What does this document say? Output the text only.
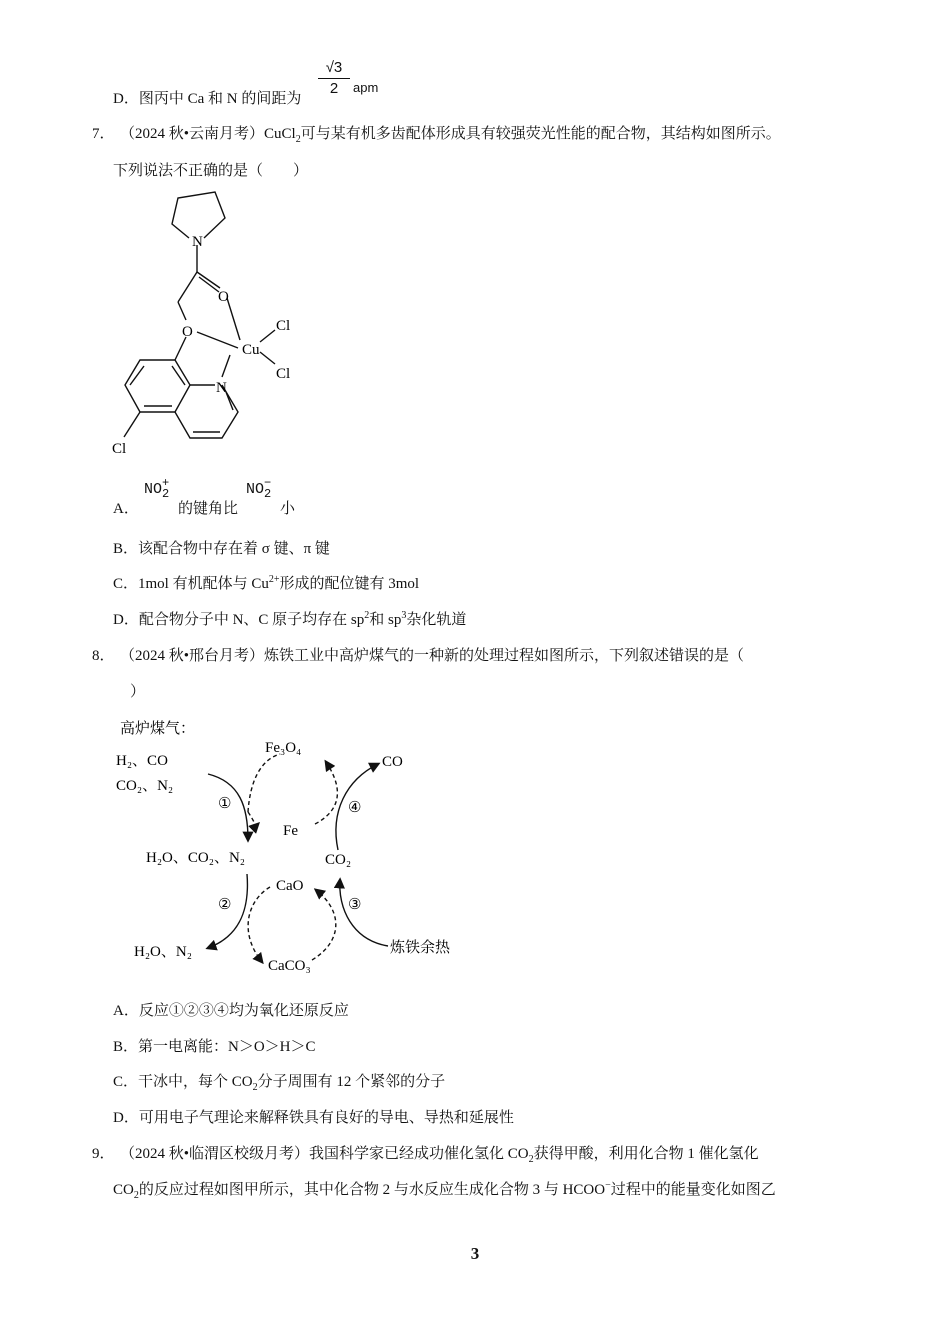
D．图丙中 Ca 和 N 的间距为 $\frac{√3}{2}$ apm
7． （2024 秋•云南月考）CuCl$_2$可与某有机多齿配体形成具有较强荧光性能的配合物，其结构如图所示。
下列说法不正确的是（　　）
N
O
O
Cu
Cl
Cl
N
Cl
A．
NO +
2
的键角比
NO −
2
小
B．该配合物中存在着 σ 键、π 键
C．1mol 有机配体与 $Cu^{2+}$形成的配位键有 3mol
D．配合物分子中 N、C 原子均存在 $sp^2$和 $sp^3$杂化轨道
8． （2024 秋•邢台月考）炼铁工业中高炉煤气的一种新的处理过程如图所示，下列叙述错误的是（
）
高炉煤气：
H₂、CO
CO₂、N₂
Fe₃O₄
CO
①	④
Fe
H₂O、CO₂、N₂	CO₂
CaO
②	③
H₂O、N₂	炼铁余热
CaCO₃
A．反应①②③④均为氧化还原反应
B．第一电离能：N＞O＞H＞C
C．干冰中，每个 $CO_2$分子周围有 12 个紧邻的分子
D．可用电子气理论来解释铁具有良好的导电、导热和延展性
9． （2024 秋•临渭区校级月考）我国科学家已经成功催化氢化 $CO_2$获得甲酸，利用化合物 1 催化氢化
$CO_2$的反应过程如图甲所示，其中化合物 2 与水反应生成化合物 3 与 HCOO−过程中的能量变化如图乙
3
